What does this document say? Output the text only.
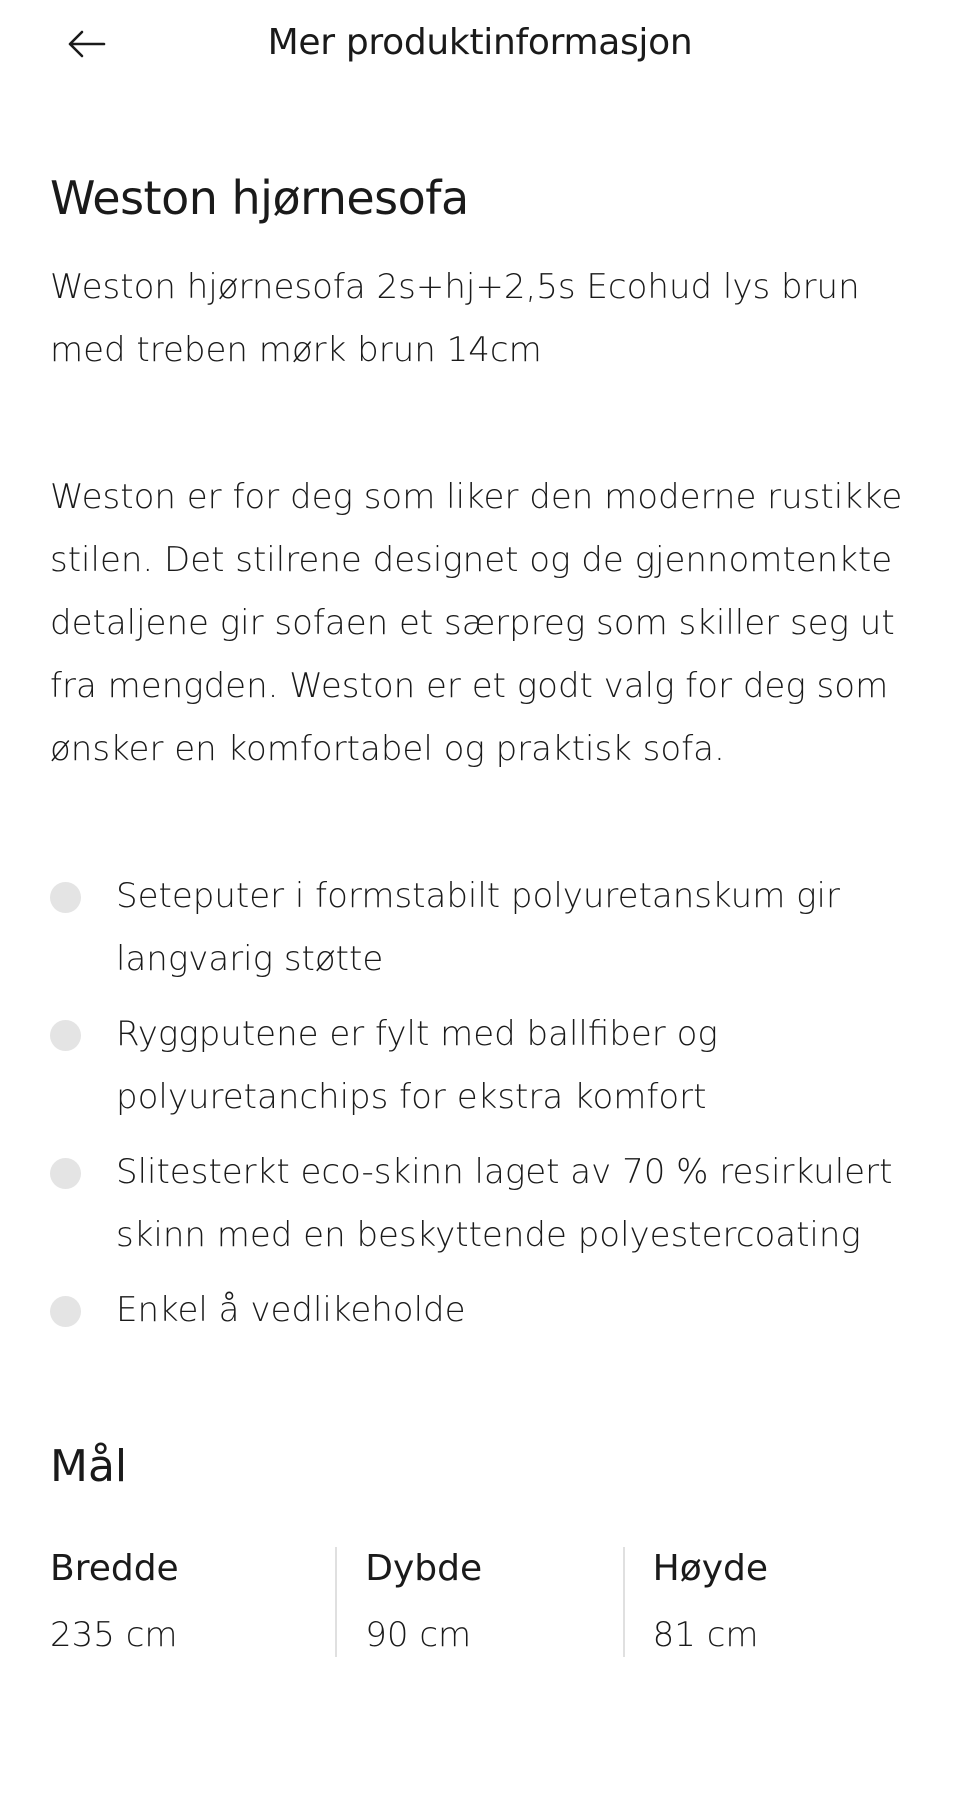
Mer produktinformasjon
Weston hjørnesofa

Weston hjørnesofa 2s+hj+2,5s Ecohud lys brun med treben mørk brun 14cm

Weston er for deg som liker den moderne rustikke stilen. Det stilrene designet og de gjennomtenkte detaljene gir sofaen et særpreg som skiller seg ut fra mengden. Weston er et godt valg for deg som ønsker en komfortabel og praktisk sofa.

Seteputer i formstabilt polyuretanskum gir langvarig støtte
Ryggputene er fylt med ballfiber og polyuretanchips for ekstra komfort
Slitesterkt eco-skinn laget av 70 % resirkulert skinn med en beskyttende polyestercoating
Enkel å vedlikeholde
Mål
Bredde
235 cm
Dybde
90 cm
Høyde
81 cm
